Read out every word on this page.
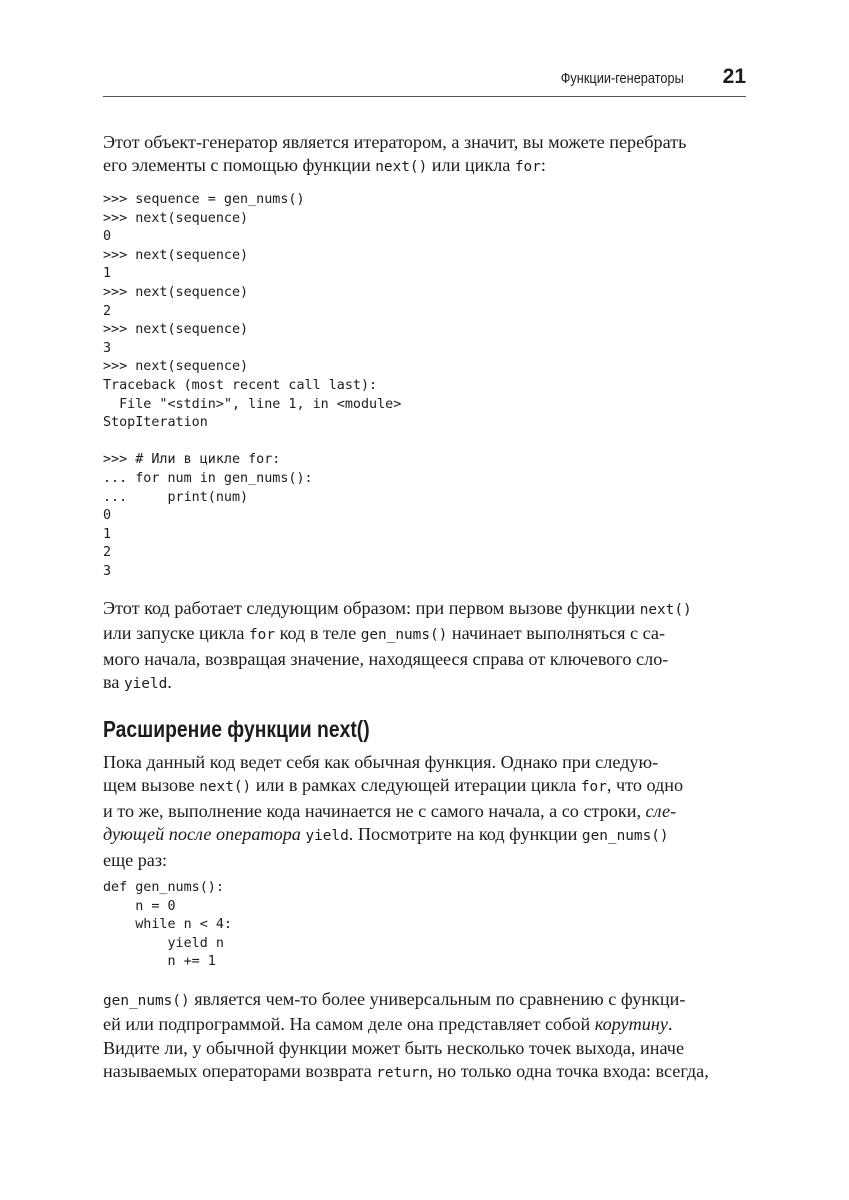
Функции-генераторы 21
Этот объект-генератор является итератором, а значит, вы можете перебрать
его элементы с помощью функции next() или цикла for:
>>> sequence = gen_nums()
>>> next(sequence)
0
>>> next(sequence)
1
>>> next(sequence)
2
>>> next(sequence)
3
>>> next(sequence)
Traceback (most recent call last):
File "<stdin>", line 1, in <module>
StopIteration

>>> # Или в цикле for:
... for num in gen_nums():
...     print(num)
0
1
2
3
Этот код работает следующим образом: при первом вызове функции next()
или запуске цикла for код в теле gen_nums() начинает выполняться с са-
мого начала, возвращая значение, находящееся справа от ключевого сло-
ва yield.
Расширение функции next()
Пока данный код ведет себя как обычная функция. Однако при следую-
щем вызове next() или в рамках следующей итерации цикла for, что одно
и то же, выполнение кода начинается не с самого начала, а со строки, сле-
дующей после оператора yield. Посмотрите на код функции gen_nums()
еще раз:
def gen_nums():
n = 0
while n < 4:
yield n
n += 1
gen_nums() является чем-то более универсальным по сравнению с функци-
ей или подпрограммой. На самом деле она представляет собой корутину.
Видите ли, у обычной функции может быть несколько точек выхода, иначе
называемых операторами возврата return, но только одна точка входа: всегда,
